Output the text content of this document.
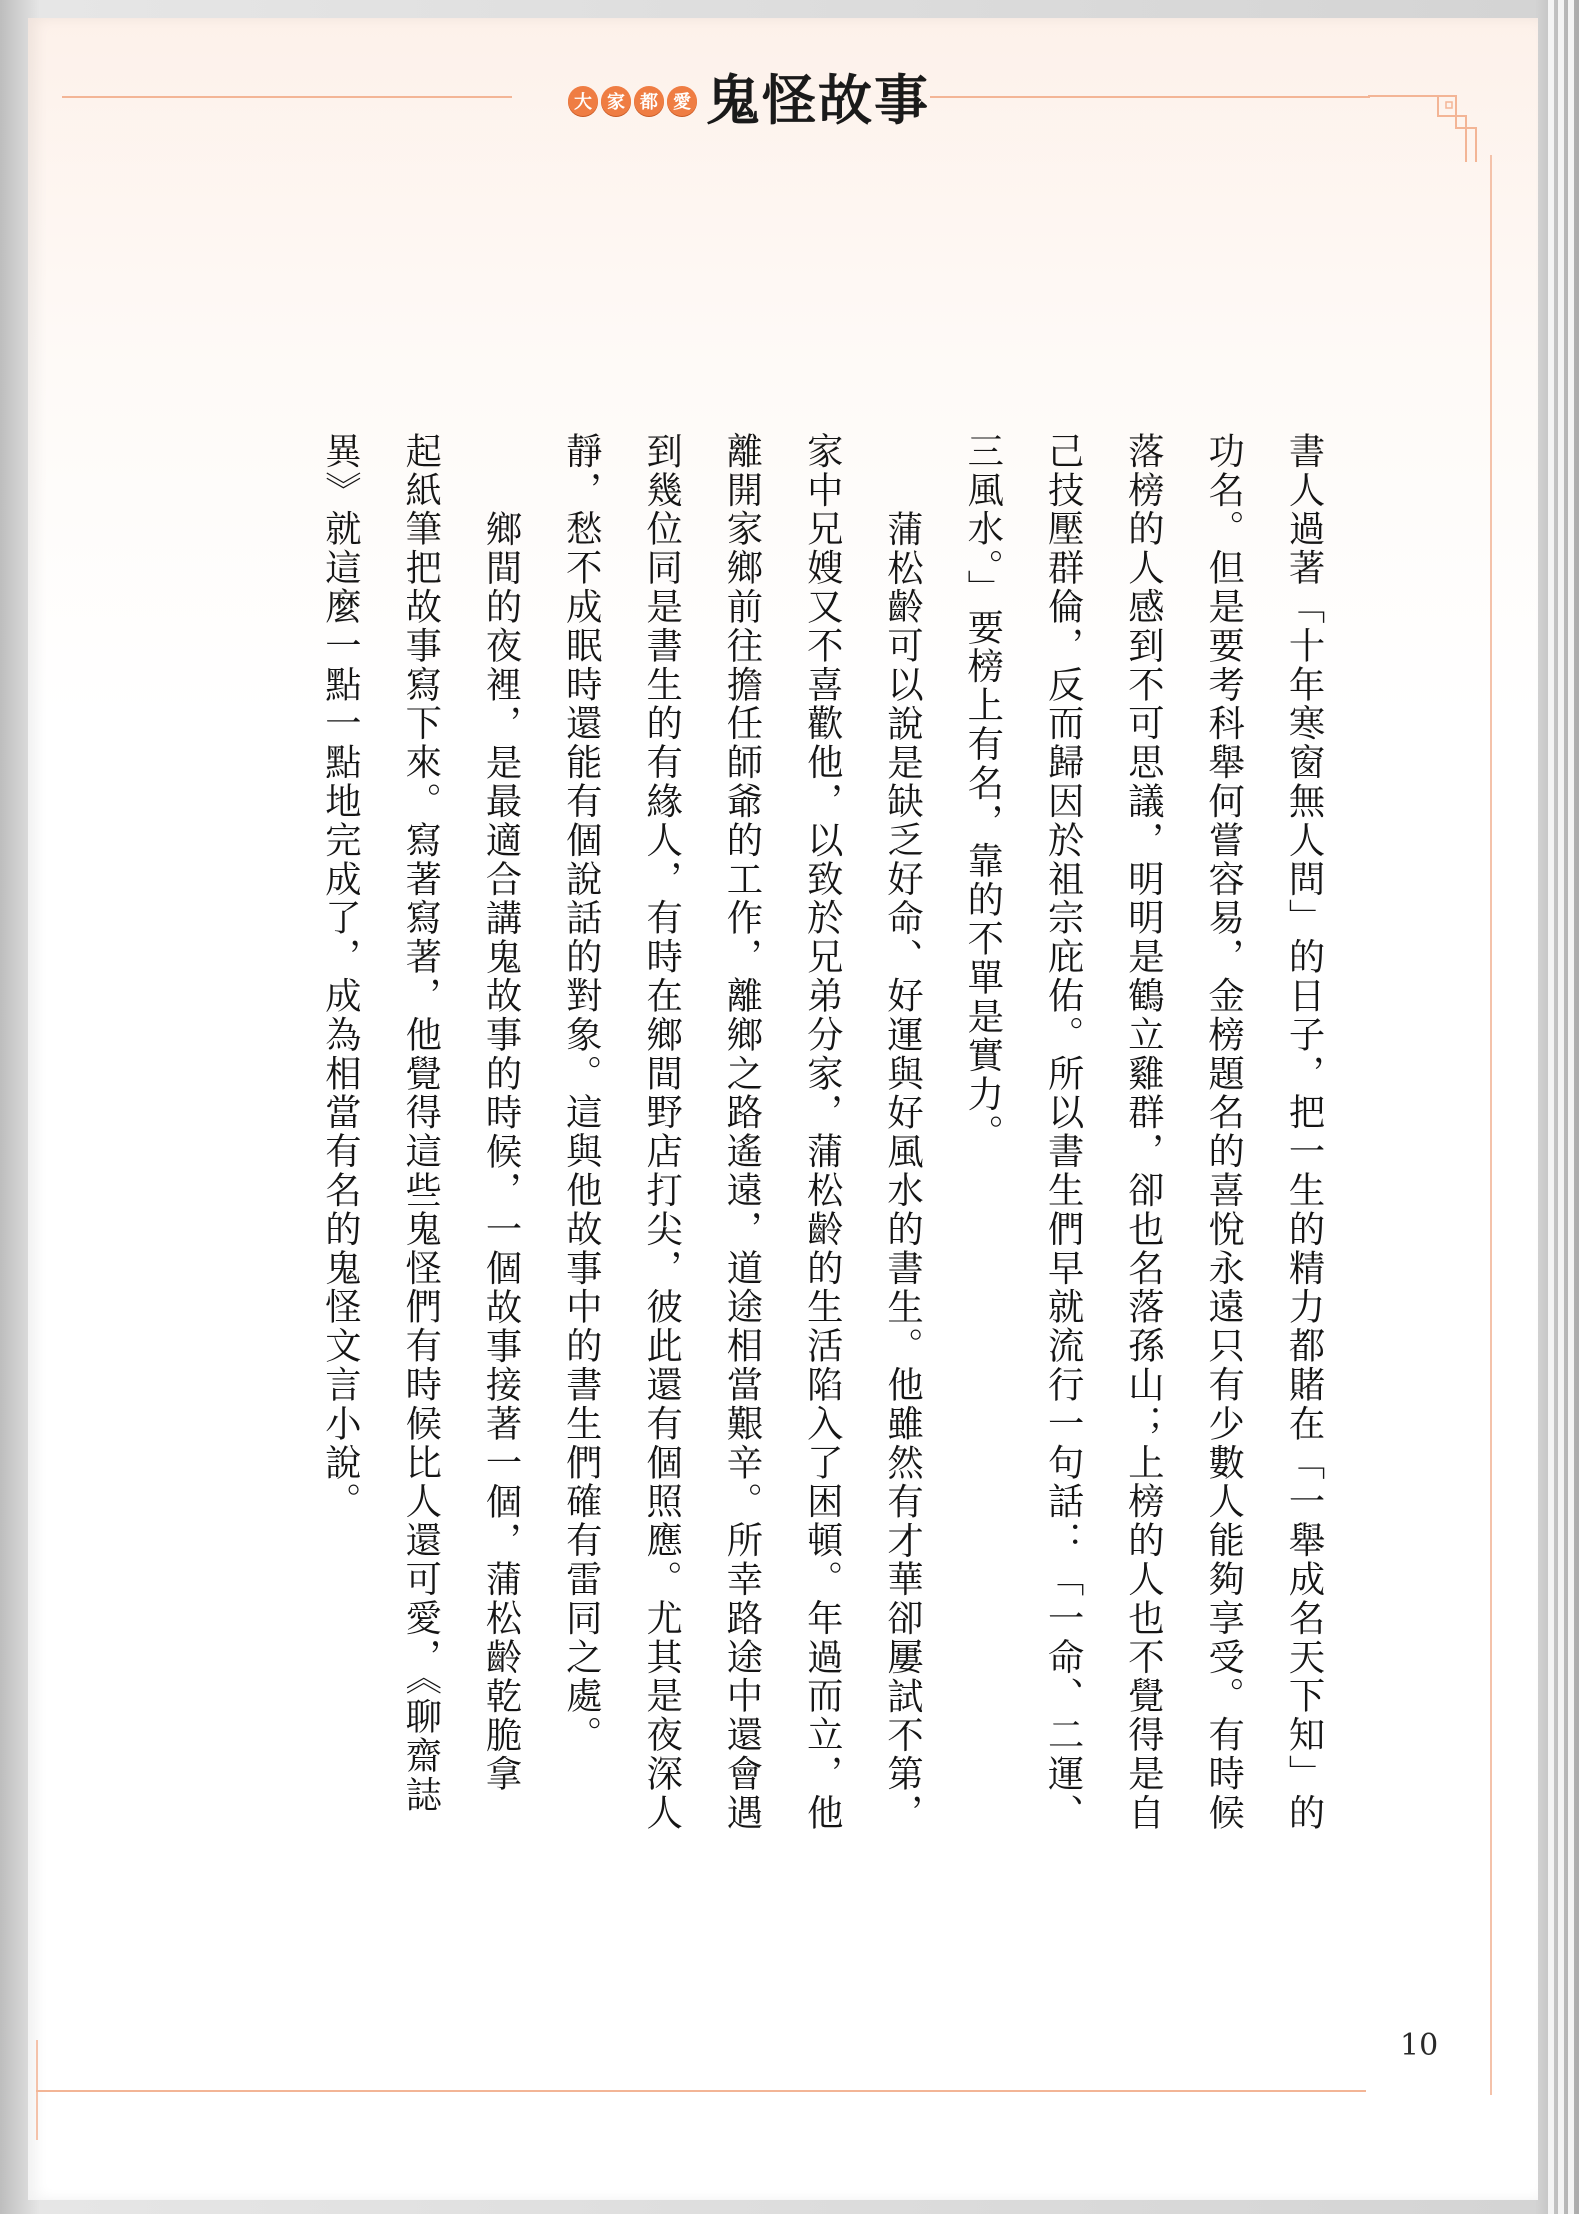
大 家 都 愛 鬼怪故事
書人過著「十年寒窗無人問」的日子，把一生的精力都賭在「一舉成名天下知」的
功名。但是要考科舉何嘗容易，金榜題名的喜悅永遠只有少數人能夠享受。有時候
落榜的人感到不可思議，明明是鶴立雞群，卻也名落孫山；上榜的人也不覺得是自
己技壓群倫，反而歸因於祖宗庇佑。所以書生們早就流行一句話：「一命、二運、
三風水。」要榜上有名，靠的不單是實力。
蒲松齡可以說是缺乏好命、好運與好風水的書生。他雖然有才華卻屢試不第，
家中兄嫂又不喜歡他，以致於兄弟分家，蒲松齡的生活陷入了困頓。年過而立，他
離開家鄉前往擔任師爺的工作，離鄉之路遙遠，道途相當艱辛。所幸路途中還會遇
到幾位同是書生的有緣人，有時在鄉間野店打尖，彼此還有個照應。尤其是夜深人
靜，愁不成眠時還能有個說話的對象。這與他故事中的書生們確有雷同之處。
鄉間的夜裡，是最適合講鬼故事的時候，一個故事接著一個，蒲松齡乾脆拿
起紙筆把故事寫下來。寫著寫著，他覺得這些鬼怪們有時候比人還可愛，《聊齋誌
異》就這麼一點一點地完成了，成為相當有名的鬼怪文言小說。
10
